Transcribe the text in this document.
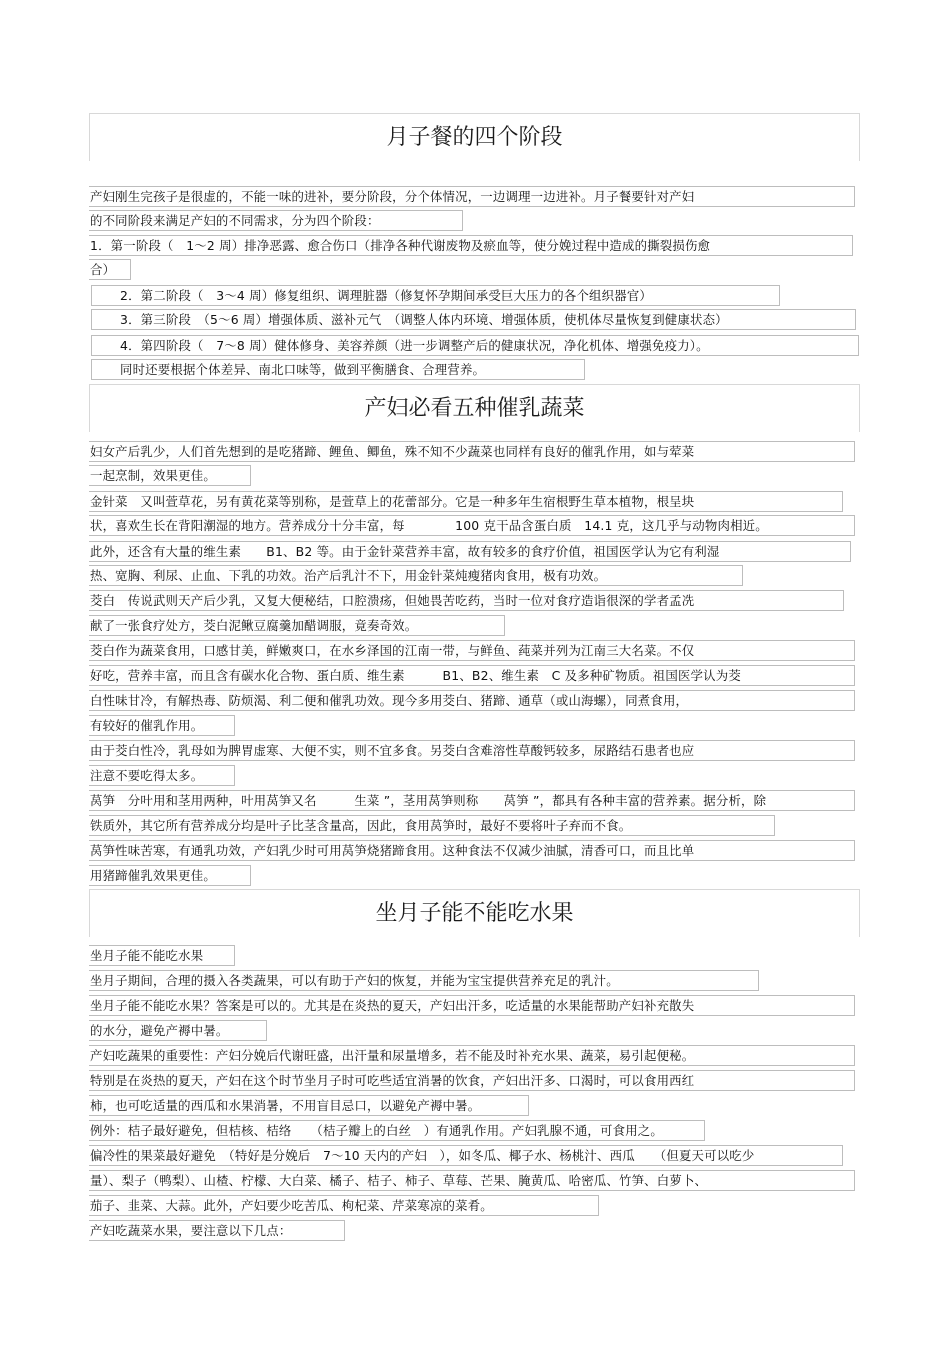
月子餐的四个阶段
产妇刚生完孩子是很虚的，不能一味的进补，要分阶段，分个体情况，一边调理一边进补。月子餐要针对产妇
的不同阶段来满足产妇的不同需求，分为四个阶段：
1．第一阶段（　1～2 周）排净恶露、愈合伤口（排净各种代谢废物及瘀血等，使分娩过程中造成的撕裂损伤愈
合）
2．第二阶段（　3～4 周）修复组织、调理脏器（修复怀孕期间承受巨大压力的各个组织器官）
3．第三阶段　（5～6 周）增强体质、滋补元气　（调整人体内环境、增强体质，使机体尽量恢复到健康状态）
4．第四阶段（　7～8 周）健体修身、美容养颜（进一步调整产后的健康状况，净化机体、增强免疫力）。
同时还要根据个体差异、南北口味等，做到平衡膳食、合理营养。
产妇必看五种催乳蔬菜
妇女产后乳少，人们首先想到的是吃猪蹄、鲤鱼、鲫鱼，殊不知不少蔬菜也同样有良好的催乳作用，如与荤菜
一起烹制，效果更佳。
金针菜　又叫萱草花，另有黄花菜等别称，是萱草上的花蕾部分。它是一种多年生宿根野生草本植物，根呈块
状，喜欢生长在背阳潮湿的地方。营养成分十分丰富，每　　　　100 克干品含蛋白质　14.1 克，这几乎与动物肉相近。
此外，还含有大量的维生素　　B1、B2 等。由于金针菜营养丰富，故有较多的食疗价值，祖国医学认为它有利湿
热、宽胸、利尿、止血、下乳的功效。治产后乳汁不下，用金针菜炖瘦猪肉食用，极有功效。
茭白　传说武则天产后少乳，又复大便秘结，口腔溃疡，但她畏苦吃药，当时一位对食疗造诣很深的学者孟冼
献了一张食疗处方，茭白泥鳅豆腐羹加醋调服，竟奏奇效。
茭白作为蔬菜食用，口感甘美，鲜嫩爽口，在水乡泽国的江南一带，与鲜鱼、莼菜并列为江南三大名菜。不仅
好吃，营养丰富，而且含有碳水化合物、蛋白质、维生素　　　B1、B2、维生素　C 及多种矿物质。祖国医学认为茭
白性味甘冷，有解热毒、防烦渴、利二便和催乳功效。现今多用茭白、猪蹄、通草（或山海螺），同煮食用，
有较好的催乳作用。
由于茭白性冷，乳母如为脾胃虚寒、大便不实，则不宜多食。另茭白含难溶性草酸钙较多，尿路结石患者也应
注意不要吃得太多。
莴笋　分叶用和茎用两种，叶用莴笋又名　　　生菜 ”，茎用莴笋则称　　莴笋 ”，都具有各种丰富的营养素。据分析，除
铁质外，其它所有营养成分均是叶子比茎含量高，因此，食用莴笋时，最好不要将叶子弃而不食。
莴笋性味苦寒，有通乳功效，产妇乳少时可用莴笋烧猪蹄食用。这种食法不仅减少油腻，清香可口，而且比单
用猪蹄催乳效果更佳。
坐月子能不能吃水果
坐月子能不能吃水果
坐月子期间，合理的摄入各类蔬果，可以有助于产妇的恢复，并能为宝宝提供营养充足的乳汁。
坐月子能不能吃水果？答案是可以的。尤其是在炎热的夏天，产妇出汗多，吃适量的水果能帮助产妇补充散失
的水分，避免产褥中暑。
产妇吃蔬果的重要性：产妇分娩后代谢旺盛，出汗量和尿量增多，若不能及时补充水果、蔬菜，易引起便秘。
特别是在炎热的夏天，产妇在这个时节坐月子时可吃些适宜消暑的饮食，产妇出汗多、口渴时，可以食用西红
柿，也可吃适量的西瓜和水果消暑，不用盲目忌口，以避免产褥中暑。
例外：桔子最好避免，但桔核、桔络　　（桔子瓣上的白丝　）有通乳作用。产妇乳腺不通，可食用之。
偏冷性的果菜最好避免　（特好是分娩后　7～10 天内的产妇　），如冬瓜、椰子水、杨桃汁、西瓜　　（但夏天可以吃少
量）、梨子（鸭梨）、山楂、柠檬、大白菜、橘子、桔子、柿子、草莓、芒果、腌黄瓜、哈密瓜、竹笋、白萝卜、
茄子、韭菜、大蒜。此外，产妇要少吃苦瓜、枸杞菜、芹菜寒凉的菜肴。
产妇吃蔬菜水果，要注意以下几点：
